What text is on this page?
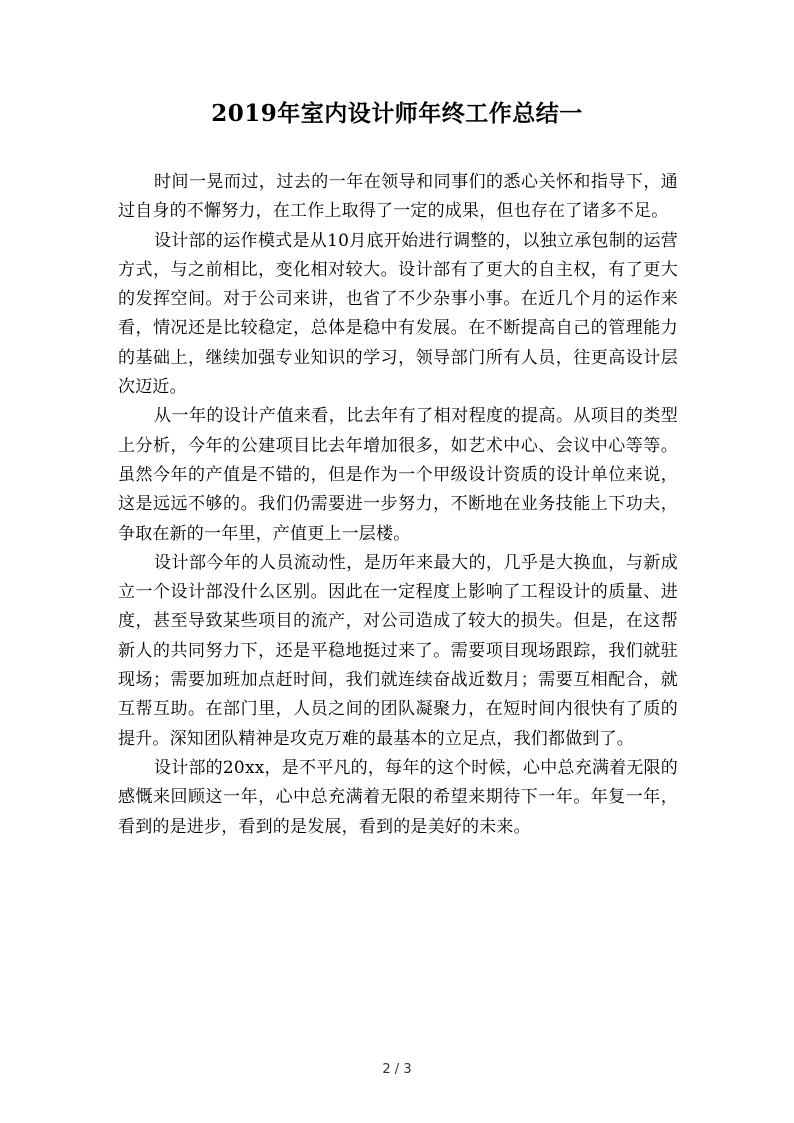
2019年室内设计师年终工作总结一

时间一晃而过，过去的一年在领导和同事们的悉心关怀和指导下，通过自身的不懈努力，在工作上取得了一定的成果，但也存在了诸多不足。

设计部的运作模式是从10月底开始进行调整的，以独立承包制的运营方式，与之前相比，变化相对较大。设计部有了更大的自主权，有了更大的发挥空间。对于公司来讲，也省了不少杂事小事。在近几个月的运作来看，情况还是比较稳定，总体是稳中有发展。在不断提高自己的管理能力的基础上，继续加强专业知识的学习，领导部门所有人员，往更高设计层次迈近。

从一年的设计产值来看，比去年有了相对程度的提高。从项目的类型上分析，今年的公建项目比去年增加很多，如艺术中心、会议中心等等。虽然今年的产值是不错的，但是作为一个甲级设计资质的设计单位来说，这是远远不够的。我们仍需要进一步努力，不断地在业务技能上下功夫，争取在新的一年里，产值更上一层楼。

设计部今年的人员流动性，是历年来最大的，几乎是大换血，与新成立一个设计部没什么区别。因此在一定程度上影响了工程设计的质量、进度，甚至导致某些项目的流产，对公司造成了较大的损失。但是，在这帮新人的共同努力下，还是平稳地挺过来了。需要项目现场跟踪，我们就驻现场；需要加班加点赶时间，我们就连续奋战近数月；需要互相配合，就互帮互助。在部门里，人员之间的团队凝聚力，在短时间内很快有了质的提升。深知团队精神是攻克万难的最基本的立足点，我们都做到了。

设计部的20xx，是不平凡的，每年的这个时候，心中总充满着无限的感慨来回顾这一年，心中总充满着无限的希望来期待下一年。年复一年，看到的是进步，看到的是发展，看到的是美好的未来。

2 / 3
